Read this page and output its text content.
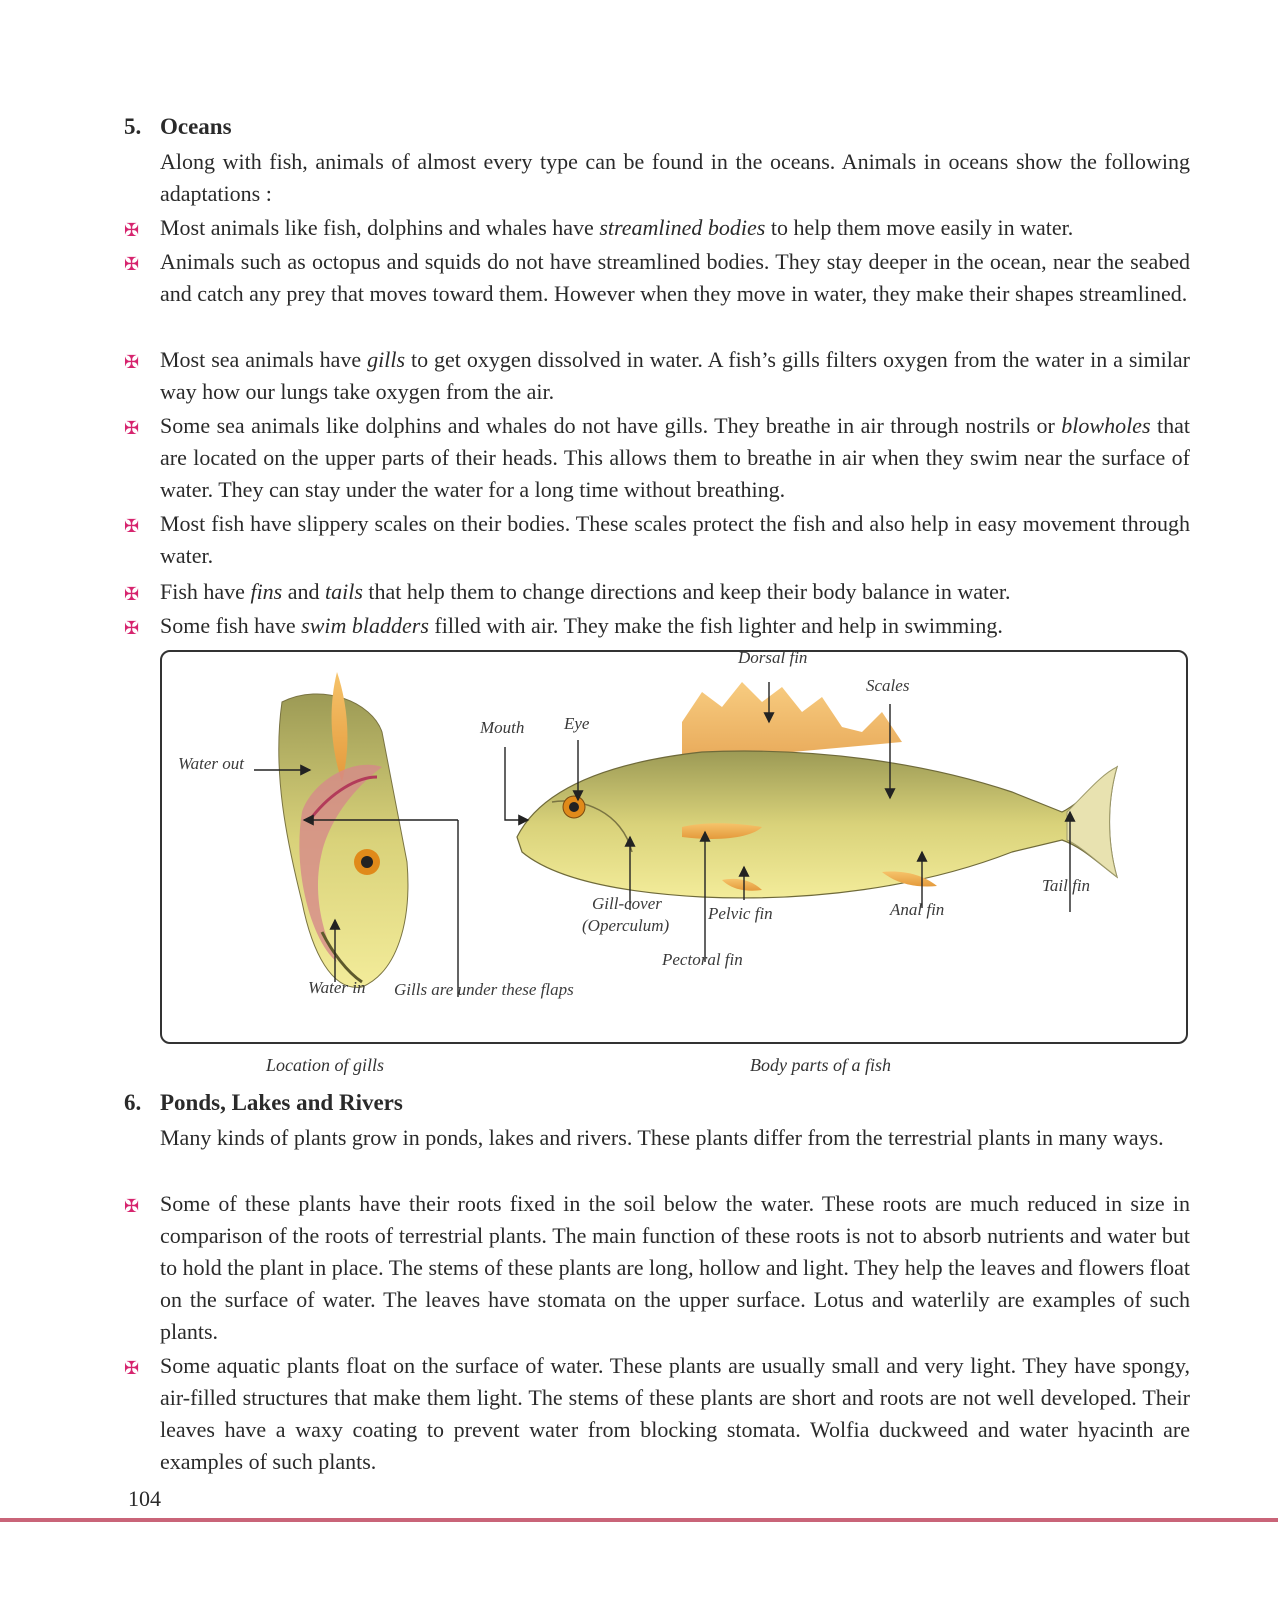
5. Oceans
Along with fish, animals of almost every type can be found in the oceans. Animals in oceans show the following adaptations :
✠ Most animals like fish, dolphins and whales have streamlined bodies to help them move easily in water.
✠ Animals such as octopus and squids do not have streamlined bodies. They stay deeper in the ocean, near the seabed and catch any prey that moves toward them. However when they move in water, they make their shapes streamlined.
✠ Most sea animals have gills to get oxygen dissolved in water. A fish’s gills filters oxygen from the water in a similar way how our lungs take oxygen from the air.
✠ Some sea animals like dolphins and whales do not have gills. They breathe in air through nostrils or blowholes that are located on the upper parts of their heads. This allows them to breathe in air when they swim near the surface of water. They can stay under the water for a long time without breathing.
✠ Most fish have slippery scales on their bodies. These scales protect the fish and also help in easy movement through water.
✠ Fish have fins and tails that help them to change directions and keep their body balance in water.
✠ Some fish have swim bladders filled with air. They make the fish lighter and help in swimming.
Water out
Water in Gills are under these flaps
Mouth Eye
Dorsal fin
Scales
Tail fin
Anal fin
Pelvic fin
Gill-cover
(Operculum)
Pectoral fin
Location of gills	Body parts of a fish
6. Ponds, Lakes and Rivers
Many kinds of plants grow in ponds, lakes and rivers. These plants differ from the terrestrial plants in many ways.
✠ Some of these plants have their roots fixed in the soil below the water. These roots are much reduced in size in comparison of the roots of terrestrial plants. The main function of these roots is not to absorb nutrients and water but to hold the plant in place. The stems of these plants are long, hollow and light. They help the leaves and flowers float on the surface of water. The leaves have stomata on the upper surface. Lotus and waterlily are examples of such plants.
✠ Some aquatic plants float on the surface of water. These plants are usually small and very light. They have spongy, air-filled structures that make them light. The stems of these plants are short and roots are not well developed. Their leaves have a waxy coating to prevent water from blocking stomata. Wolfia duckweed and water hyacinth are examples of such plants.
104
